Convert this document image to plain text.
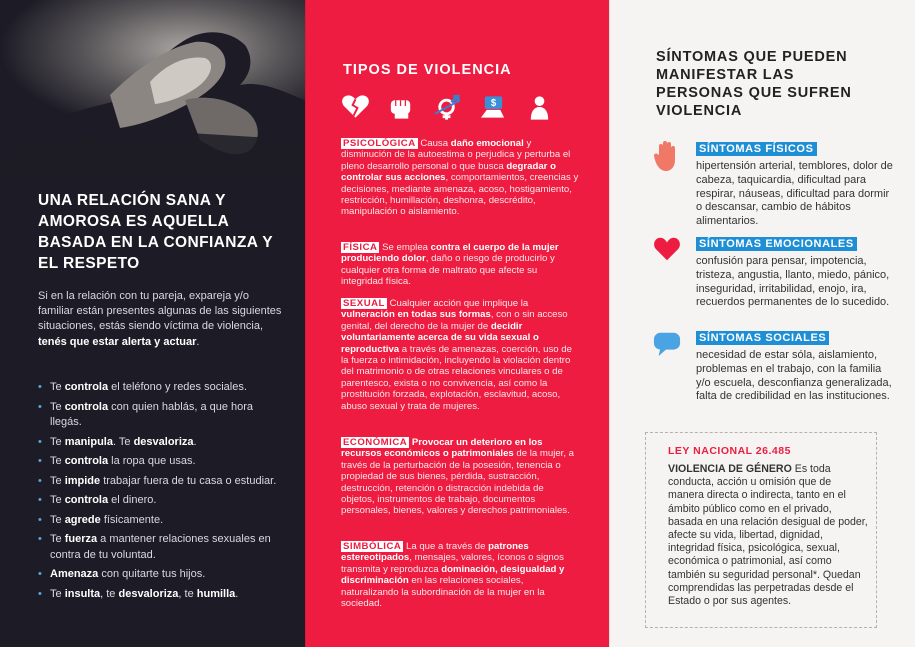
UNA RELACIÓN SANA Y AMOROSA ES AQUELLA BASADA EN LA CONFIANZA Y EL RESPETO

Si en la relación con tu pareja, expareja y/o familiar están presentes algunas de las siguientes situaciones, estás siendo víctima de violencia, tenés que estar alerta y actuar.

• Te controla el teléfono y redes sociales.
• Te controla con quien hablás, a que hora llegás.
• Te manipula. Te desvaloriza.
• Te controla la ropa que usas.
• Te impide trabajar fuera de tu casa o estudiar.
• Te controla el dinero.
• Te agrede físicamente.
• Te fuerza a mantener relaciones sexuales en contra de tu voluntad.
• Amenaza con quitarte tus hijos.
• Te insulta, te desvaloriza, te humilla.
TIPOS DE VIOLENCIA
$

PSICOLÓGICA Causa daño emocional y disminución de la autoestima o perjudica y perturba el pleno desarrollo personal o que busca degradar o controlar sus acciones, comportamientos, creencias y decisiones, mediante amenaza, acoso, hostigamiento, restricción, humillación, deshonra, descrédito, manipulación o aislamiento.

FÍSICA Se emplea contra el cuerpo de la mujer produciendo dolor, daño o riesgo de producirlo y cualquier otra forma de maltrato que afecte su integridad física.

SEXUAL Cualquier acción que implique la vulneración en todas sus formas, con o sin acceso genital, del derecho de la mujer de decidir voluntariamente acerca de su vida sexual o reproductiva a través de amenazas, coerción, uso de la fuerza o intimidación, incluyendo la violación dentro del matrimonio o de otras relaciones vinculares o de parentesco, exista o no convivencia, así como la prostitución forzada, explotación, esclavitud, acoso, abuso sexual y trata de mujeres.

ECONÓMICA Provocar un deterioro en los recursos económicos o patrimoniales de la mujer, a través de la perturbación de la posesión, tenencia o propiedad de sus bienes, pérdida, sustracción, destrucción, retención o distracción indebida de objetos, instrumentos de trabajo, documentos personales, bienes, valores y derechos patrimoniales.

SIMBÓLICA La que a través de patrones estereotipados, mensajes, valores, íconos o signos transmita y reproduzca dominación, desigualdad y discriminación en las relaciones sociales, naturalizando la subordinación de la mujer en la sociedad.

SÍNTOMAS QUE PUEDEN MANIFESTAR LAS PERSONAS QUE SUFREN VIOLENCIA
SÍNTOMAS FÍSICOS

hipertensión arterial, temblores, dolor de cabeza, taquicardia, dificultad para respirar, náuseas, dificultad para dormir o descansar, cambio de hábitos alimentarios.

SÍNTOMAS EMOCIONALES

confusión para pensar, impotencia, tristeza, angustia, llanto, miedo, pánico, inseguridad, irritabilidad, enojo, ira, recuerdos permanentes de lo sucedido.

SÍNTOMAS SOCIALES

necesidad de estar sóla, aislamiento, problemas en el trabajo, con la familia y/o escuela, desconfianza generalizada, falta de credibilidad en las instituciones.

LEY NACIONAL 26.485

VIOLENCIA DE GÉNERO Es toda conducta, acción u omisión que de manera directa o indirecta, tanto en el ámbito público como en el privado, basada en una relación desigual de poder, afecte su vida, libertad, dignidad, integridad física, psicológica, sexual, económica o patrimonial, así como también su seguridad personal*. Quedan comprendidas las perpetradas desde el Estado o por sus agentes.
